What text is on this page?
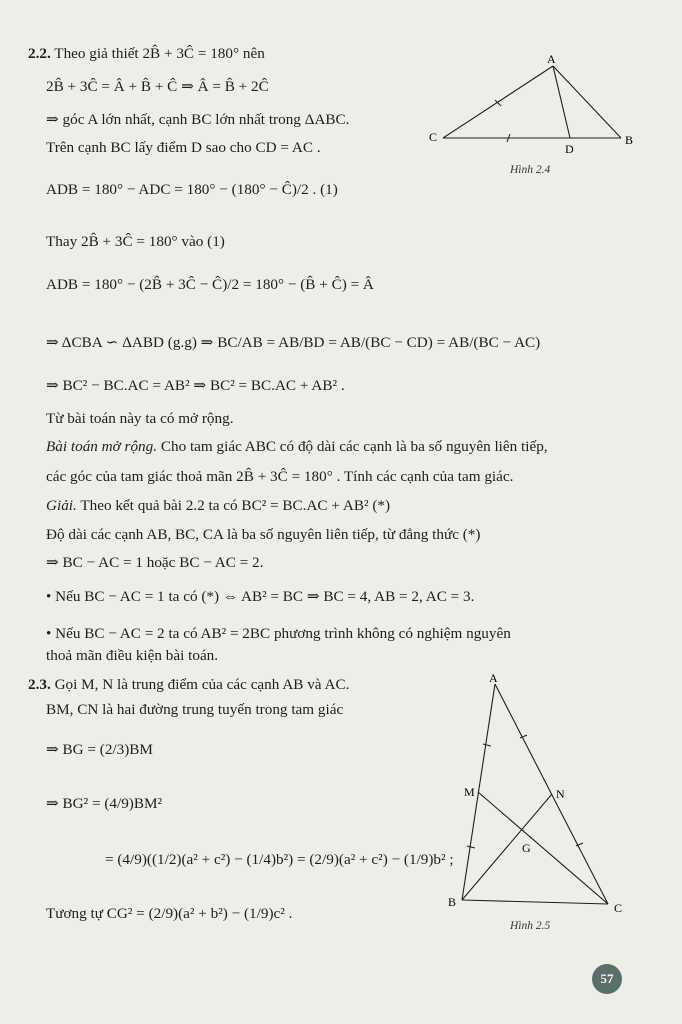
2.2. Theo giả thiết 2B̂ + 3Ĉ = 180° nên
2B̂ + 3Ĉ = Â + B̂ + Ĉ ⇒ Â = B̂ + 2Ĉ
⇒ góc A lớn nhất, cạnh BC lớn nhất trong ΔABC.
Trên cạnh BC lấy điểm D sao cho CD = AC .
ADB = 180° − ADC = 180° − (180° − Ĉ)/2 . (1)
Thay 2B̂ + 3Ĉ = 180° vào (1)
ADB = 180° − (2B̂ + 3Ĉ − Ĉ)/2 = 180° − (B̂ + Ĉ) = Â
⇒ ΔCBA ∽ ΔABD (g.g) ⇒ BC/AB = AB/BD = AB/(BC − CD) = AB/(BC − AC)
⇒ BC² − BC.AC = AB² ⇒ BC² = BC.AC + AB² .
Từ bài toán này ta có mở rộng.
Bài toán mở rộng. Cho tam giác ABC có độ dài các cạnh là ba số nguyên liên tiếp,
các góc của tam giác thoả mãn 2B̂ + 3Ĉ = 180° . Tính các cạnh của tam giác.
Giải. Theo kết quả bài 2.2 ta có BC² = BC.AC + AB² (*)
Độ dài các cạnh AB, BC, CA là ba số nguyên liên tiếp, từ đẳng thức (*)
⇒ BC − AC = 1 hoặc BC − AC = 2.
• Nếu BC − AC = 1 ta có (*) ⇔ AB² = BC ⇒ BC = 4, AB = 2, AC = 3.
• Nếu BC − AC = 2 ta có AB² = 2BC phương trình không có nghiệm nguyên
thoả mãn điều kiện bài toán.
2.3. Gọi M, N là trung điểm của các cạnh AB và AC.
BM, CN là hai đường trung tuyến trong tam giác
⇒ BG = (2/3)BM
⇒ BG² = (4/9)BM²
= (4/9)((1/2)(a² + c²) − (1/4)b²) = (2/9)(a² + c²) − (1/9)b² ;
Tương tự CG² = (2/9)(a² + b²) − (1/9)c² .
A
B
C
D
Hình 2.4
A
B	C
M	N
G
Hình 2.5
57
